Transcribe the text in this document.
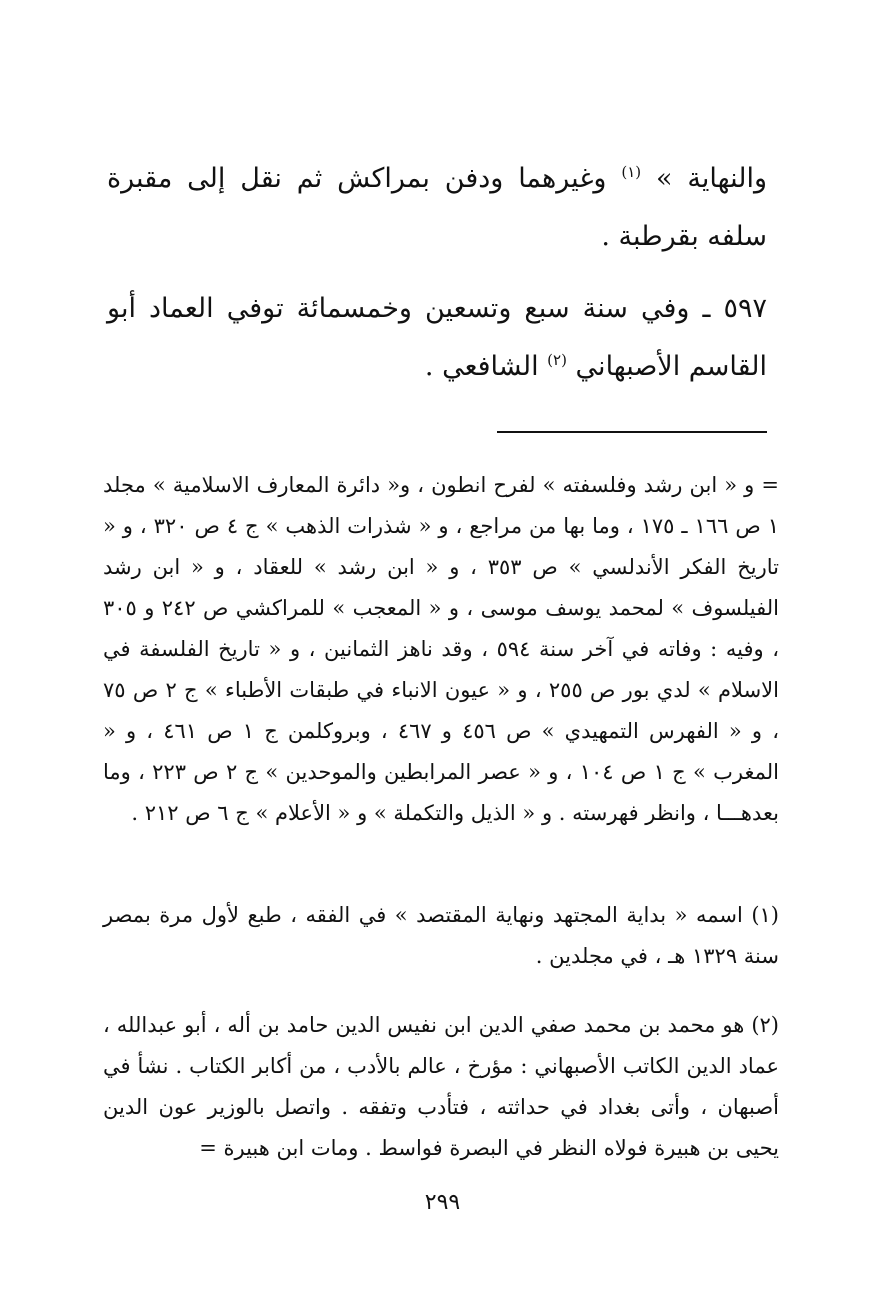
والنهاية » $^{(١)}$ وغيرهما ودفن بمراكش ثم نقل إلى مقبرة سلفه بقرطبة .

٥٩٧ ـ وفي سنة سبع وتسعين وخمسمائة توفي العماد أبو القاسم الأصبهاني $^{(٢)}$ الشافعي .

= و « ابن رشد وفلسفته » لفرح انطون ، و« دائرة المعارف الاسلامية » مجلد ١ ص ١٦٦ ـ ١٧٥ ، وما بها من مراجع ، و « شذرات الذهب » ج ٤ ص ٣٢٠ ، و « تاريخ الفكر الأندلسي » ص ٣٥٣ ، و « ابن رشد » للعقاد ، و « ابن رشد الفيلسوف » لمحمد يوسف موسى ، و « المعجب » للمراكشي ص ٢٤٢ و ٣٠٥ ، وفيه : وفاته في آخر سنة ٥٩٤ ، وقد ناهز الثمانين ، و « تاريخ الفلسفة في الاسلام » لدي بور ص ٢٥٥ ، و « عيون الانباء في طبقات الأطباء » ج ٢ ص ٧٥ ، و « الفهرس التمهيدي » ص ٤٥٦ و ٤٦٧ ، وبروكلمن ج ١ ص ٤٦١ ، و « المغرب » ج ١ ص ١٠٤ ، و « عصر المرابطين والموحدين » ج ٢ ص ٢٢٣ ، وما بعدهـــا ، وانظر فهرسته . و « الذيل والتكملة » و « الأعلام » ج ٦ ص ٢١٢ .

(١) اسمه « بداية المجتهد ونهاية المقتصد » في الفقه ، طبع لأول مرة بمصر سنة ١٣٢٩ هـ ، في مجلدين .

(٢) هو محمد بن محمد صفي الدين ابن نفيس الدين حامد بن أله ، أبو عبدالله ، عماد الدين الكاتب الأصبهاني : مؤرخ ، عالم بالأدب ، من أكابر الكتاب . نشأ في أصبهان ، وأتى بغداد في حداثته ، فتأدب وتفقه . واتصل بالوزير عون الدين يحيى بن هبيرة فولاه النظر في البصرة فواسط . ومات ابن هبيرة =

٢٩٩
